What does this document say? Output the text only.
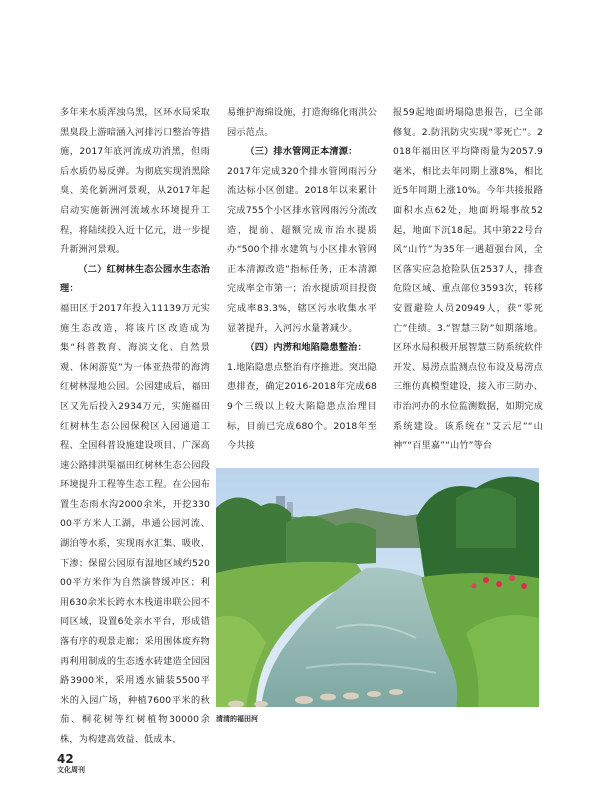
多年来水质浑浊乌黑，区环水局采取黑臭段上游暗涵入河排污口整治等措施，2017年底河流成功消黑，但雨后水质仍易反弹。为彻底实现消黑除臭、美化新洲河景观，从2017年起启动实施新洲河流域水环境提升工程，将陆续投入近十亿元，进一步提升新洲河景观。

（二）红树林生态公园水生态治理：

福田区于2017年投入11139万元实施生态改造，将该片区改造成为集“科普教育、海滨文化、自然景观、休闲游览”为一体亚热带的海湾红树林湿地公园。公园建成后，福田区又先后投入2934万元，实施福田红树林生态公园保税区入园通道工程、全国科普设施建设项目、广深高速公路排洪渠福田红树林生态公园段环境提升工程等生态工程。在公园布置生态雨水沟2000余米，开挖33000平方米人工湖，串通公园河流、湖泊等水系，实现雨水汇集、吸收、下渗；保留公园原有湿地区域约52000平方米作为自然演替缓冲区；利用630余米长跨水木栈道串联公园不同区域，设置6处亲水平台，形成错落有序的观景走廊；采用围体废弃物再利用制成的生态透水砖建造全园园路3900米，采用透水铺装5500平米的入园广场，种植7600平米的秋茄、桐花树等红树植物30000余株，为构建高效益、低成本、

易维护海绵设施，打造海绵化雨洪公园示范点。

（三）排水管网正本清源：

2017年完成320个排水管网雨污分流达标小区创建。2018年以来累计完成755个小区排水管网雨污分流改造，提前、超额完成市治水提质办“500个排水建筑与小区排水管网正本清源改造”指标任务，正本清源完成率全市第一；治水提质项目投资完成率83.3%，辖区污水收集水平显著提升，入河污水量著减少。

（四）内涝和地陷隐患整治：

1.地陷隐患点整治有序推进。突出隐患排查，确定2016-2018年完成689个三级以上较大陷隐患点治理目标，目前已完成680个。2018年至今共接

报59起地面坍塌隐患报告，已全部修复。2.防汛防灾实现“零死亡”。2018年福田区平均降雨量为2057.9毫米，相比去年同期上涨8%，相比近5年同期上涨10%。今年共接报路面积水点62处，地面坍塌事故52起，地面下沉18起。其中第22号台风“山竹”为35年一遇超强台风，全区落实应急抢险队伍2537人，排查危险区域、重点部位3593次，转移安置避险人员20949人，获“零死亡”佳绩。3.“智慧三防”如期落地。区环水局积极开展智慧三防系统软件开发、易涝点监测点位布设及易涝点三维仿真模型建设，接入市三防办、市治河办的水位监测数据，如期完成系统建设。该系统在“艾云尼”“山神”“百里嘉”“山竹”等台

清清的福田河
42
文化周刊
